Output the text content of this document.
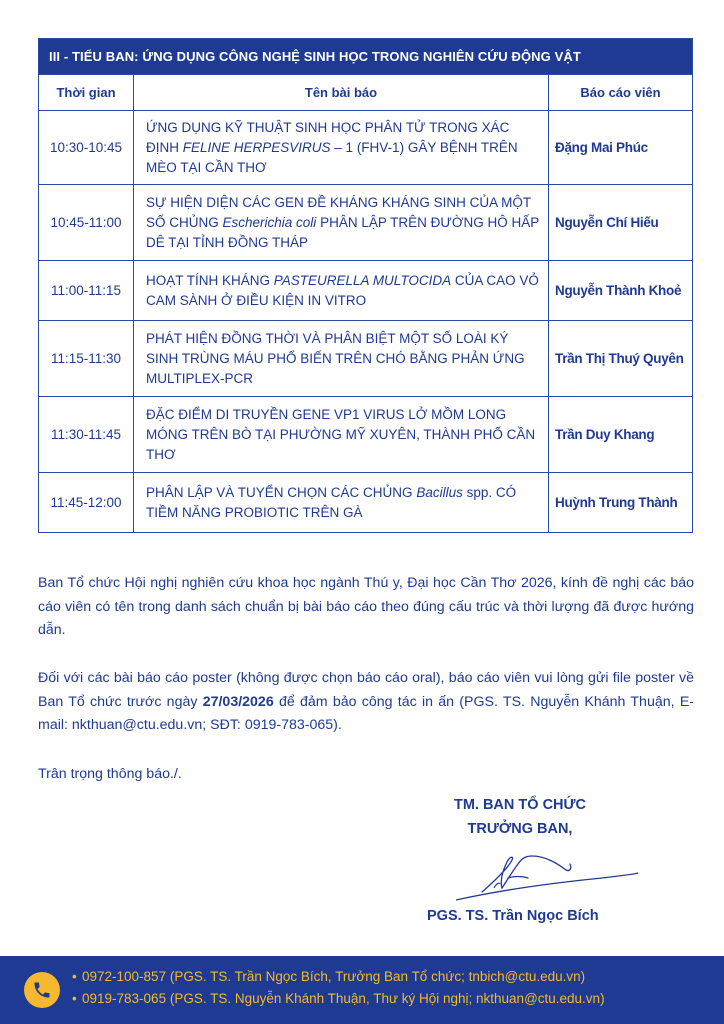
III - TIỂU BAN: ỨNG DỤNG CÔNG NGHỆ SINH HỌC TRONG NGHIÊN CỨU ĐỘNG VẬT		
Thời gian	Tên bài báo	Báo cáo viên
10:30-10:45	ỨNG DỤNG KỸ THUẬT SINH HỌC PHÂN TỬ TRONG XÁC ĐỊNH FELINE HERPESVIRUS – 1 (FHV-1) GÂY BỆNH TRÊN MÈO TẠI CẦN THƠ	Đặng Mai Phúc
10:45-11:00	SỰ HIỆN DIỆN CÁC GEN ĐỀ KHÁNG KHÁNG SINH CỦA MỘT SỐ CHỦNG Escherichia coli PHÂN LẬP TRÊN ĐƯỜNG HÔ HẤP DÊ TẠI TỈNH ĐỒNG THÁP	Nguyễn Chí Hiếu
11:00-11:15	HOẠT TÍNH KHÁNG PASTEURELLA MULTOCIDA CỦA CAO VỎ CAM SÀNH Ở ĐIỀU KIỆN IN VITRO	Nguyễn Thành Khoẻ
11:15-11:30	PHÁT HIỆN ĐỒNG THỜI VÀ PHÂN BIỆT MỘT SỐ LOÀI KÝ SINH TRÙNG MÁU PHỔ BIẾN TRÊN CHÓ BẰNG PHẢN ỨNG MULTIPLEX-PCR	Trần Thị Thuý Quyên
11:30-11:45	ĐẶC ĐIỂM DI TRUYỀN GENE VP1 VIRUS LỞ MỒM LONG MÓNG TRÊN BÒ TẠI PHƯỜNG MỸ XUYÊN, THÀNH PHỐ CẦN THƠ	Trần Duy Khang
11:45-12:00	PHÂN LẬP VÀ TUYỂN CHỌN CÁC CHỦNG Bacillus spp. CÓ TIỀM NĂNG PROBIOTIC TRÊN GÀ	Huỳnh Trung Thành

Ban Tổ chức Hội nghị nghiên cứu khoa học ngành Thú y, Đại học Cần Thơ 2026, kính đề nghị các báo cáo viên có tên trong danh sách chuẩn bị bài báo cáo theo đúng cấu trúc và thời lượng đã được hướng dẫn.

Đối với các bài báo cáo poster (không được chọn báo cáo oral), báo cáo viên vui lòng gửi file poster về Ban Tổ chức trước ngày 27/03/2026 để đảm bảo công tác in ấn (PGS. TS. Nguyễn Khánh Thuận, E-mail: nkthuan@ctu.edu.vn; SĐT: 0919-783-065).

Trân trọng thông báo./.

TM. BAN TỔ CHỨC
TRƯỞNG BAN,
PGS. TS. Trần Ngọc Bích
• 0972-100-857 (PGS. TS. Trần Ngọc Bích, Trưởng Ban Tổ chức; tnbich@ctu.edu.vn)
• 0919-783-065 (PGS. TS. Nguyễn Khánh Thuận, Thư ký Hội nghị; nkthuan@ctu.edu.vn)
